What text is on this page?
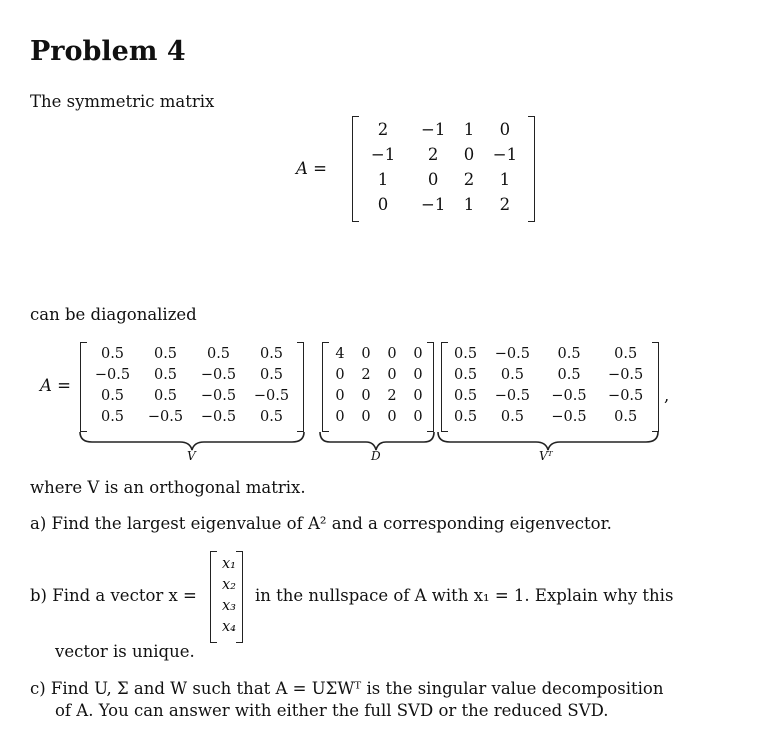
Problem 4
The symmetric matrix
A =
2	−1	1	0
−1	2	0	−1
1	0	2	1
0	−1	1	2
can be diagonalized
A =
0.5	0.5	0.5	0.5
−0.5	0.5	−0.5	0.5
0.5	0.5	−0.5	−0.5
0.5	−0.5	−0.5	0.5
4	0	0	0
0	2	0	0
0	0	2	0
0	0	0	0
0.5	−0.5	0.5	0.5
0.5	0.5	0.5	−0.5
0.5	−0.5	−0.5	−0.5
0.5	0.5	−0.5	0.5
,
V	D	Vᵀ
where V is an orthogonal matrix.
a) Find the largest eigenvalue of A² and a corresponding eigenvector.
b) Find a vector x =
x₁
x₂
x₃
x₄
in the nullspace of A with x₁ = 1. Explain why this
vector is unique.
c) Find U, Σ and W such that A = UΣWᵀ is the singular value decomposition
of A. You can answer with either the full SVD or the reduced SVD.
